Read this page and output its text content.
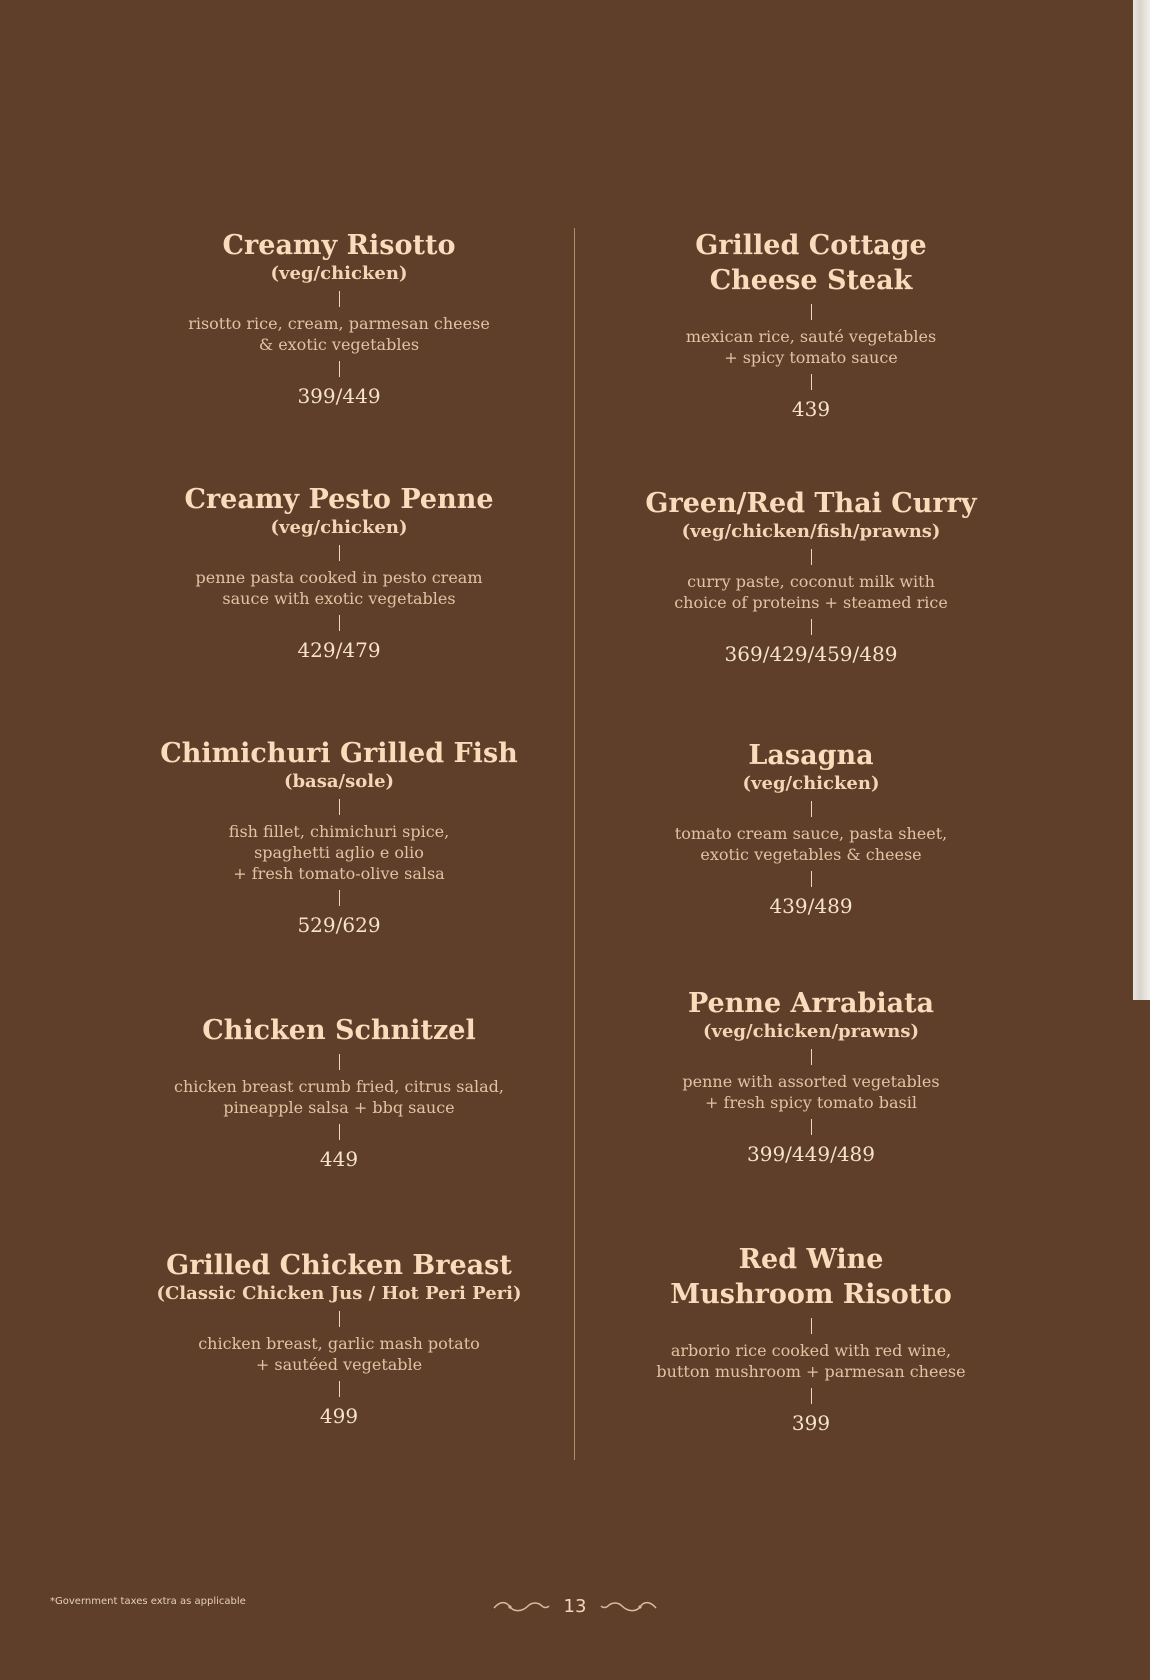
Creamy Risotto

(veg/chicken)

risotto rice, cream, parmesan cheese
& exotic vegetables

399/449

Creamy Pesto Penne

(veg/chicken)

penne pasta cooked in pesto cream
sauce with exotic vegetables

429/479

Chimichuri Grilled Fish

(basa/sole)

fish fillet, chimichuri spice,
spaghetti aglio e olio
+ fresh tomato-olive salsa

529/629

Chicken Schnitzel

chicken breast crumb fried, citrus salad,
pineapple salsa + bbq sauce

449

Grilled Chicken Breast

(Classic Chicken Jus / Hot Peri Peri)

chicken breast, garlic mash potato
+ sautéed vegetable

499

Grilled Cottage
Cheese Steak

mexican rice, sauté vegetables
+ spicy tomato sauce

439

Green/Red Thai Curry

(veg/chicken/fish/prawns)

curry paste, coconut milk with
choice of proteins + steamed rice

369/429/459/489

Lasagna

(veg/chicken)

tomato cream sauce, pasta sheet,
exotic vegetables & cheese

439/489

Penne Arrabiata

(veg/chicken/prawns)

penne with assorted vegetables
+ fresh spicy tomato basil

399/449/489

Red Wine
Mushroom Risotto

arborio rice cooked with red wine,
button mushroom + parmesan cheese

399

*Government taxes extra as applicable	13
